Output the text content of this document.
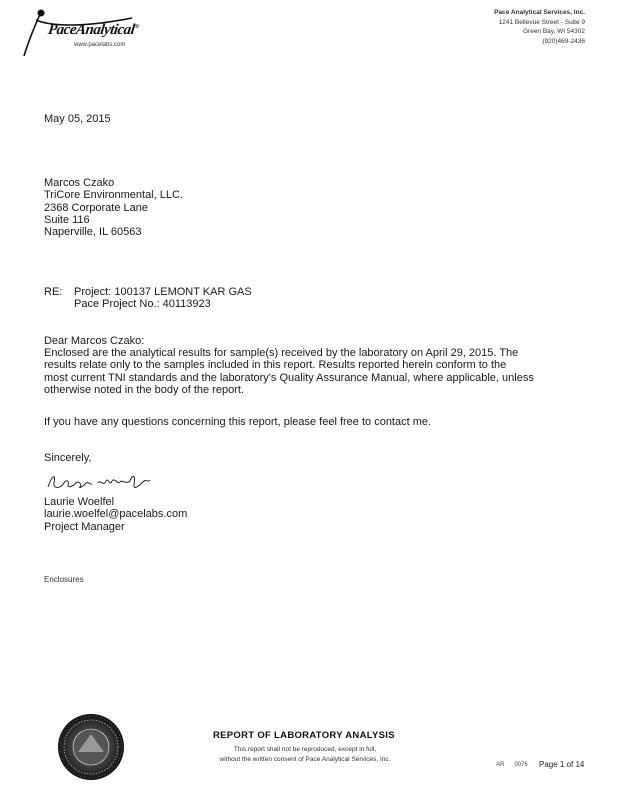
PaceAnalytical®
www.pacelabs.com
Pace Analytical Services, Inc.
1241 Bellevue Street - Suite 9
Green Bay, WI 54302
(920)469-2436
May 05, 2015
Marcos Czako
TriCore Environmental, LLC.
2368 Corporate Lane
Suite 116
Naperville, IL 60563
RE: Project: 100137 LEMONT KAR GAS
Pace Project No.: 40113923
Dear Marcos Czako:
Enclosed are the analytical results for sample(s) received by the laboratory on April 29, 2015. The
results relate only to the samples included in this report. Results reported herein conform to the
most current TNI standards and the laboratory's Quality Assurance Manual, where applicable, unless
otherwise noted in the body of the report.
If you have any questions concerning this report, please feel free to contact me.
Sincerely,
Laurie Woelfel
laurie.woelfel@pacelabs.com
Project Manager
Enclosures
REPORT OF LABORATORY ANALYSIS
This report shall not be reproduced, except in full,
without the written consent of Pace Analytical Services, Inc.
AR 0076	Page 1 of 14
